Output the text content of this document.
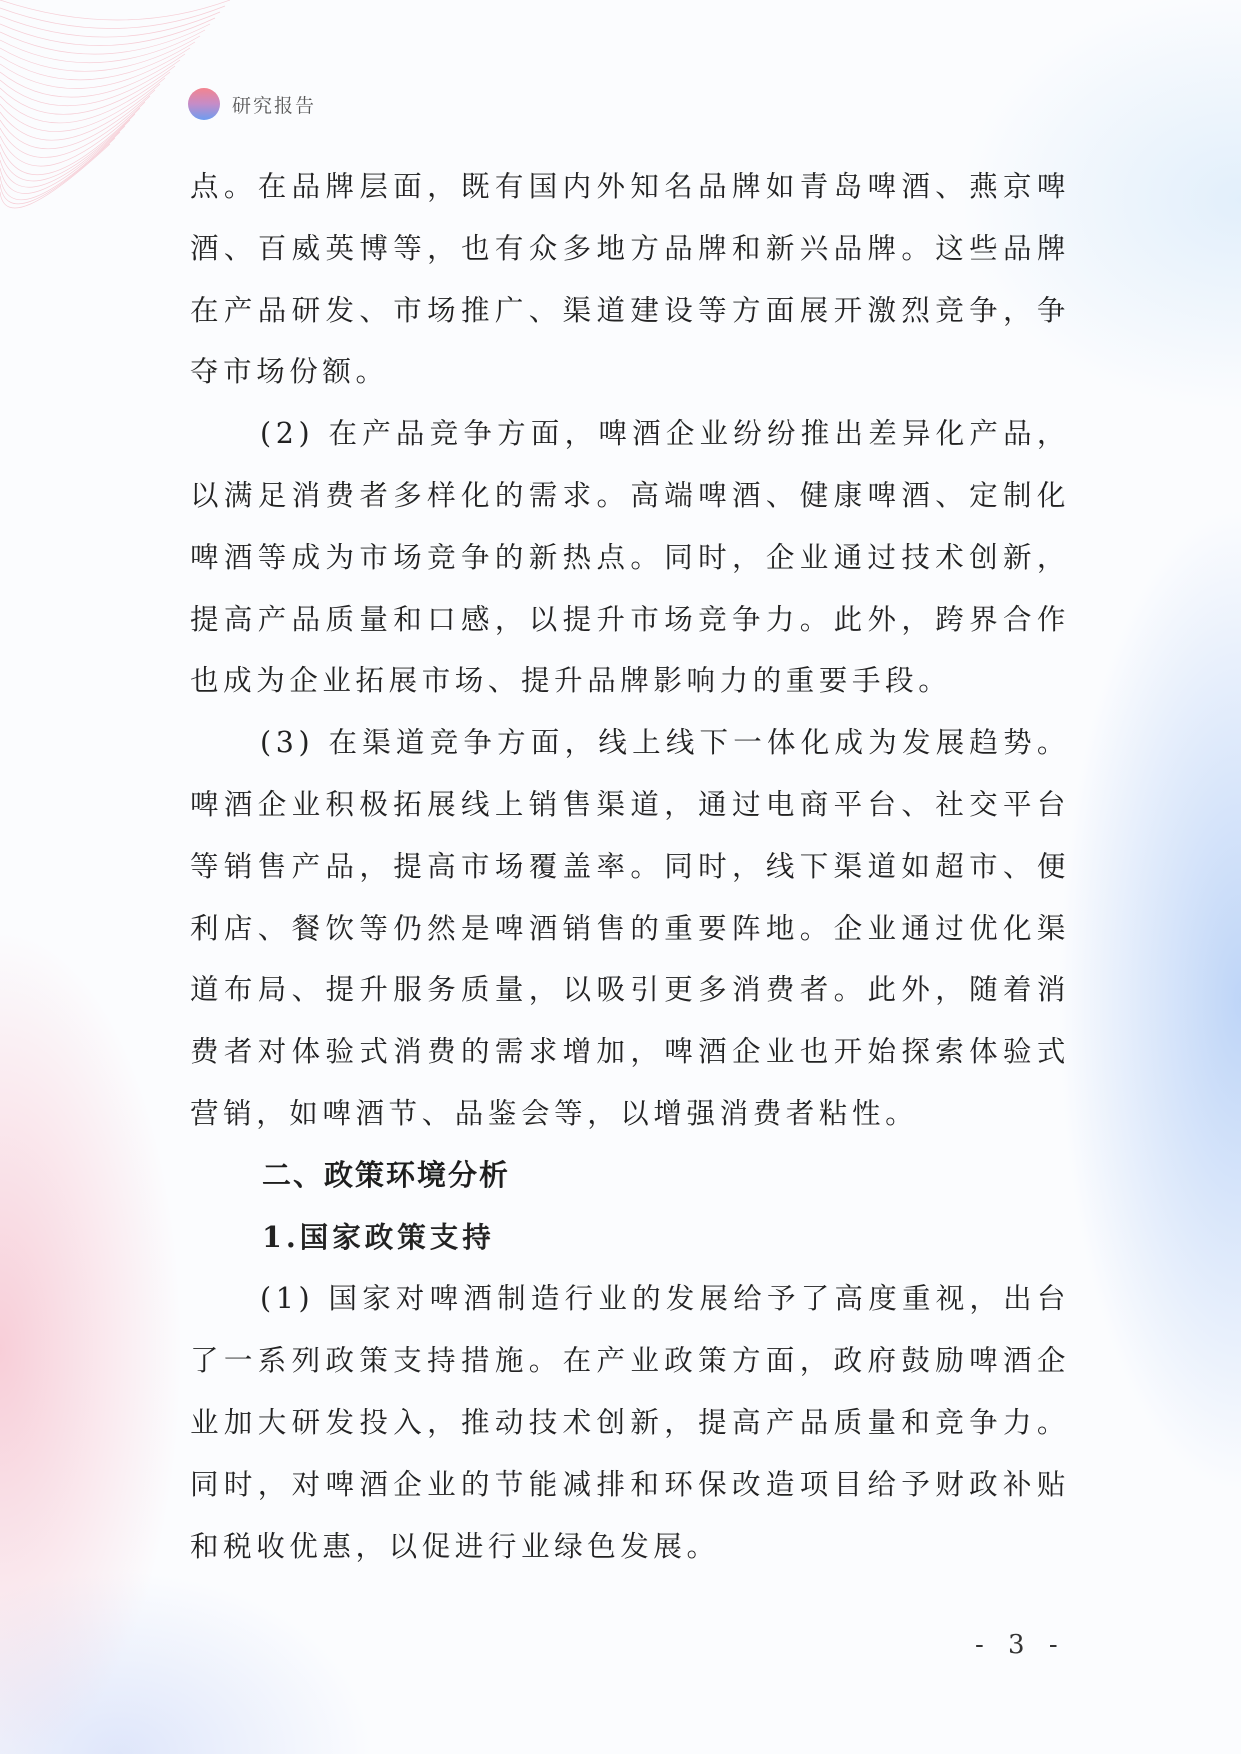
研究报告

点。在品牌层面，既有国内外知名品牌如青岛啤酒、燕京啤酒、百威英博等，也有众多地方品牌和新兴品牌。这些品牌在产品研发、市场推广、渠道建设等方面展开激烈竞争，争夺市场份额。

(2) 在产品竞争方面，啤酒企业纷纷推出差异化产品，以满足消费者多样化的需求。高端啤酒、健康啤酒、定制化啤酒等成为市场竞争的新热点。同时，企业通过技术创新，提高产品质量和口感，以提升市场竞争力。此外，跨界合作也成为企业拓展市场、提升品牌影响力的重要手段。

(3) 在渠道竞争方面，线上线下一体化成为发展趋势。啤酒企业积极拓展线上销售渠道，通过电商平台、社交平台等销售产品，提高市场覆盖率。同时，线下渠道如超市、便利店、餐饮等仍然是啤酒销售的重要阵地。企业通过优化渠道布局、提升服务质量，以吸引更多消费者。此外，随着消费者对体验式消费的需求增加，啤酒企业也开始探索体验式营销，如啤酒节、品鉴会等，以增强消费者粘性。

二、政策环境分析
1.国家政策支持

(1) 国家对啤酒制造行业的发展给予了高度重视，出台了一系列政策支持措施。在产业政策方面，政府鼓励啤酒企业加大研发投入，推动技术创新，提高产品质量和竞争力。同时，对啤酒企业的节能减排和环保改造项目给予财政补贴和税收优惠，以促进行业绿色发展。

- 3 -
